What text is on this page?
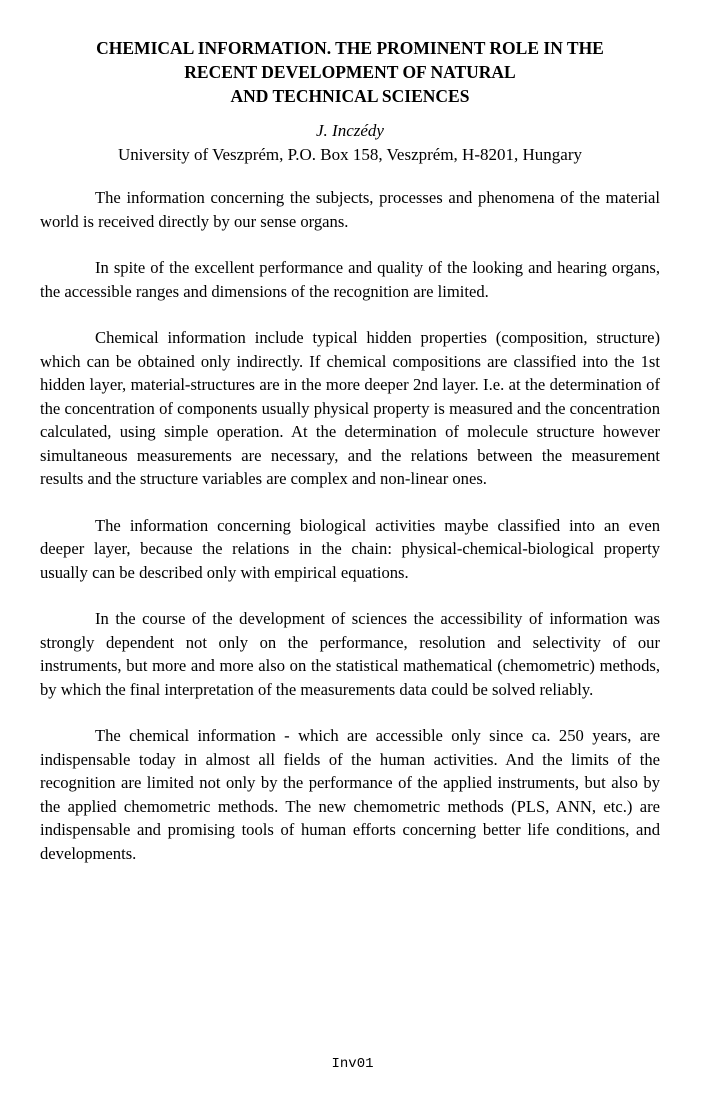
CHEMICAL INFORMATION. THE PROMINENT ROLE IN THE
RECENT DEVELOPMENT OF NATURAL
AND TECHNICAL SCIENCES
J. Inczédy
University of Veszprém, P.O. Box 158, Veszprém, H-8201, Hungary

The information concerning the subjects, processes and phenomena of the material world is received directly by our sense organs.

In spite of the excellent performance and quality of the looking and hearing organs, the accessible ranges and dimensions of the recognition are limited.

Chemical information include typical hidden properties (composition, structure) which can be obtained only indirectly. If chemical compositions are classified into the 1st hidden layer, material-structures are in the more deeper 2nd layer. I.e. at the determination of the concentration of components usually physical property is measured and the concentration calculated, using simple operation. At the determination of molecule structure however simultaneous measurements are necessary, and the relations between the measurement results and the structure variables are complex and non-linear ones.

The information concerning biological activities maybe classified into an even deeper layer, because the relations in the chain: physical-chemical-biological property usually can be described only with empirical equations.

In the course of the development of sciences the accessibility of information was strongly dependent not only on the performance, resolution and selectivity of our instruments, but more and more also on the statistical mathematical (chemometric) methods, by which the final interpretation of the measurements data could be solved reliably.

The chemical information - which are accessible only since ca. 250 years, are indispensable today in almost all fields of the human activities. And the limits of the recognition are limited not only by the performance of the applied instruments, but also by the applied chemometric methods. The new chemometric methods (PLS, ANN, etc.) are indispensable and promising tools of human efforts concerning better life conditions, and developments.

Inv01
